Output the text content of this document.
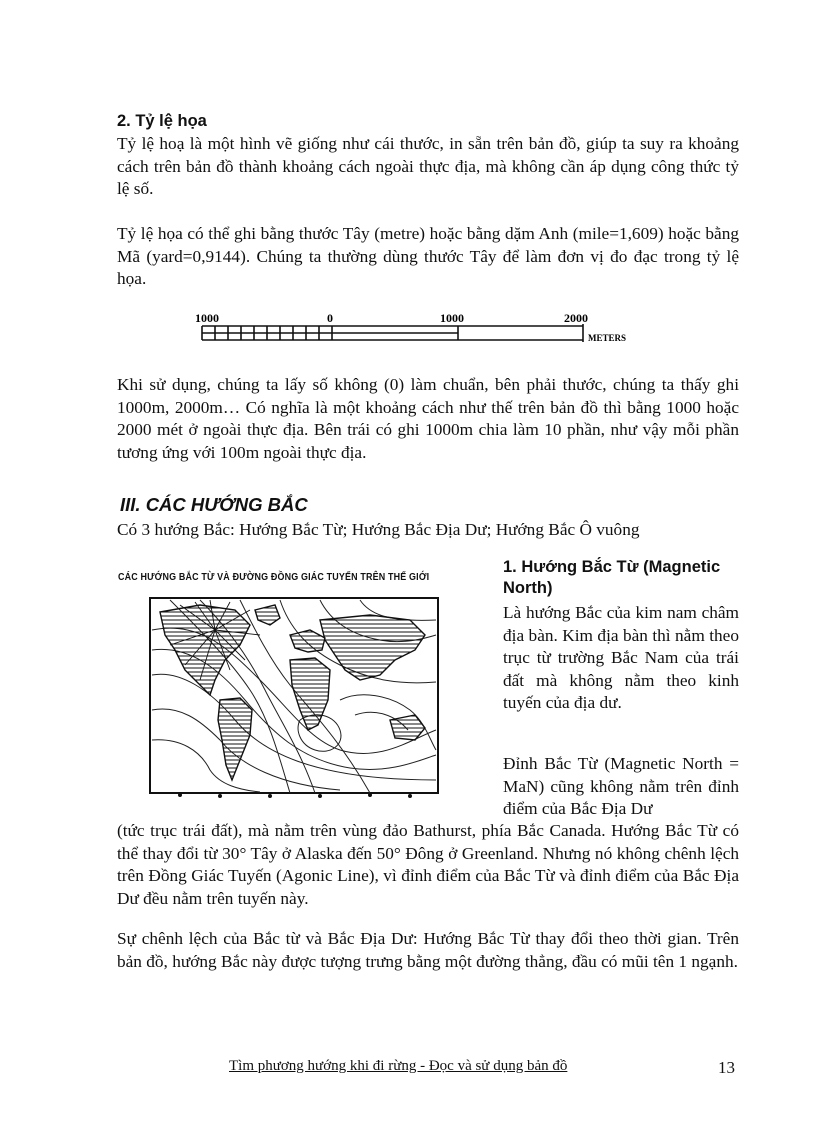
2. Tỷ lệ họa

Tỷ lệ hoạ là một hình vẽ giống như cái thước, in sẵn trên bản đồ, giúp ta suy ra khoảng cách trên bản đồ thành khoảng cách ngoài thực địa, mà không cần áp dụng công thức tỷ lệ số.

Tỷ lệ họa có thể ghi bằng thước Tây (metre) hoặc bằng dặm Anh (mile=1,609) hoặc bằng Mã (yard=0,9144). Chúng ta thường dùng thước Tây để làm đơn vị đo đạc trong tỷ lệ họa.

1000	0	1000	2000
METERS

Khi sử dụng, chúng ta lấy số không (0) làm chuẩn, bên phải thước, chúng ta thấy ghi 1000m, 2000m… Có nghĩa là một khoảng cách như thế trên bản đồ thì bằng 1000 hoặc 2000 mét ở ngoài thực địa. Bên trái có ghi 1000m chia làm 10 phần, như vậy mỗi phần tương ứng với 100m ngoài thực địa.

III. CÁC HƯỚNG BẮC

Có 3 hướng Bắc: Hướng Bắc Từ; Hướng Bắc Địa Dư; Hướng Bắc Ô vuông

CÁC HƯỚNG BẮC TỪ VÀ ĐƯỜNG ĐỒNG GIÁC TUYẾN TRÊN THẾ GIỚI
1. Hướng Bắc Từ (Magnetic North)

Là hướng Bắc của kim nam châm địa bàn. Kim địa bàn thì nằm theo trục từ trường Bắc Nam của trái đất mà không nằm theo kinh tuyến của địa dư.

Đỉnh Bắc Từ (Magnetic North = MaN) cũng không nằm trên đỉnh điểm của Bắc Địa Dư

(tức trục trái đất), mà nằm trên vùng đảo Bathurst, phía Bắc Canada. Hướng Bắc Từ có thể thay đổi từ 30° Tây ở Alaska đến 50° Đông ở Greenland. Nhưng nó không chênh lệch trên Đồng Giác Tuyến (Agonic Line), vì đỉnh điểm của Bắc Từ và đỉnh điểm của Bắc Địa Dư đều nằm trên tuyến này.

Sự chênh lệch của Bắc từ và Bắc Địa Dư: Hướng Bắc Từ thay đổi theo thời gian. Trên bản đồ, hướng Bắc này được tượng trưng bằng một đường thẳng, đầu có mũi tên 1 ngạnh.

Tìm phương hướng khi đi rừng - Đọc và sử dụng bản đồ	13
